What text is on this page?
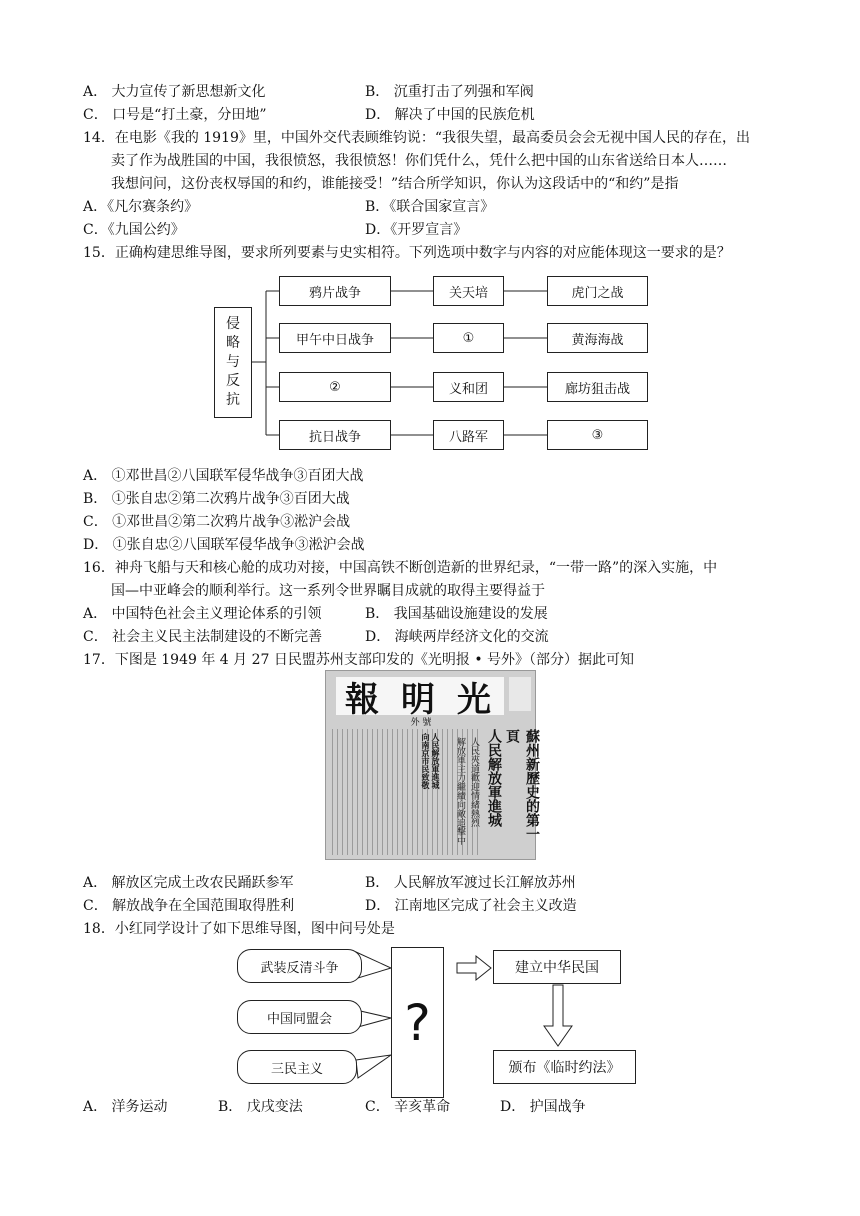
A． 大力宣传了新思想新文化	B． 沉重打击了列强和军阀
C． 口号是“打土豪，分田地”	D． 解决了中国的民族危机
14．在电影《我的 1919》里，中国外交代表顾维钧说：“我很失望，最高委员会会无视中国人民的存在，出
卖了作为战胜国的中国，我很愤怒，我很愤怒！你们凭什么，凭什么把中国的山东省送给日本人……
我想问问，这份丧权辱国的和约，谁能接受！”结合所学知识，你认为这段话中的“和约”是指
A．《凡尔赛条约》	B．《联合国家宣言》
C．《九国公约》	D．《开罗宣言》
15．正确构建思维导图，要求所列要素与史实相符。下列选项中数字与内容的对应能体现这一要求的是？
侵
略
与
反
抗
鸦片战争	关天培	虎门之战
甲午中日战争	①	黄海海战
②	义和团	廊坊狙击战
抗日战争	八路军	③
A． ①邓世昌②八国联军侵华战争③百团大战
B． ①张自忠②第二次鸦片战争③百团大战
C． ①邓世昌②第二次鸦片战争③淞沪会战
D． ①张自忠②八国联军侵华战争③淞沪会战
16．神舟飞船与天和核心舱的成功对接，中国高铁不断创造新的世界纪录，“一带一路”的深入实施，中
国—中亚峰会的顺利举行。这一系列令世界瞩目成就的取得主要得益于
A． 中国特色社会主义理论体系的引领	B． 我国基础设施建设的发展
C． 社会主义民主法制建设的不断完善	D． 海峡两岸经济文化的交流
17．下图是 1949 年 4 月 27 日民盟苏州支部印发的《光明报 • 号外》（部分）据此可知
報 明 光
外 號
蘇州新歷史的第一頁
人民解放軍進城
人民夾道歡迎情緒熱烈
解放軍主力繼續向敵追擊中
人民解放軍進城
向南京市民致敬
A． 解放区完成土改农民踊跃参军	B． 人民解放军渡过长江解放苏州
C． 解放战争在全国范围取得胜利	D． 江南地区完成了社会主义改造
18．小红同学设计了如下思维导图，图中问号处是
武装反清斗争
中国同盟会
三民主义
?
建立中华民国
颁布《临时约法》
A． 洋务运动	B． 戊戌变法	C． 辛亥革命	D． 护国战争
